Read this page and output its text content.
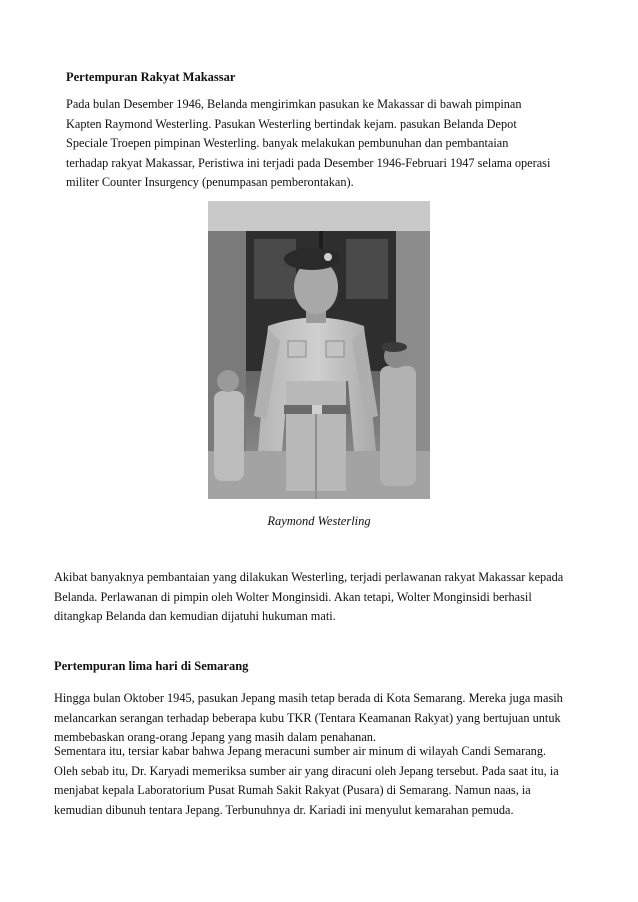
Pertempuran Rakyat Makassar
Pada bulan Desember 1946, Belanda mengirimkan pasukan ke Makassar di bawah pimpinan
Kapten Raymond Westerling. Pasukan Westerling bertindak kejam. pasukan Belanda Depot
Speciale Troepen pimpinan Westerling. banyak melakukan pembunuhan dan pembantaian
terhadap rakyat Makassar, Peristiwa ini terjadi pada Desember 1946-Februari 1947 selama operasi
militer Counter Insurgency (penumpasan pemberontakan).
Raymond Westerling
Akibat banyaknya pembantaian yang dilakukan Westerling, terjadi perlawanan rakyat Makassar kepada
Belanda. Perlawanan di pimpin oleh Wolter Monginsidi. Akan tetapi, Wolter Monginsidi berhasil
ditangkap Belanda dan kemudian dijatuhi hukuman mati.
Pertempuran lima hari di Semarang
Hingga bulan Oktober 1945, pasukan Jepang masih tetap berada di Kota Semarang. Mereka juga masih
melancarkan serangan terhadap beberapa kubu TKR (Tentara Keamanan Rakyat) yang bertujuan untuk
membebaskan orang-orang Jepang yang masih dalam penahanan.
Sementara itu, tersiar kabar bahwa Jepang meracuni sumber air minum di wilayah Candi Semarang.
Oleh sebab itu, Dr. Karyadi memeriksa sumber air yang diracuni oleh Jepang tersebut. Pada saat itu, ia
menjabat kepala Laboratorium Pusat Rumah Sakit Rakyat (Pusara) di Semarang. Namun naas, ia
kemudian dibunuh tentara Jepang. Terbunuhnya dr. Kariadi ini menyulut kemarahan pemuda.
